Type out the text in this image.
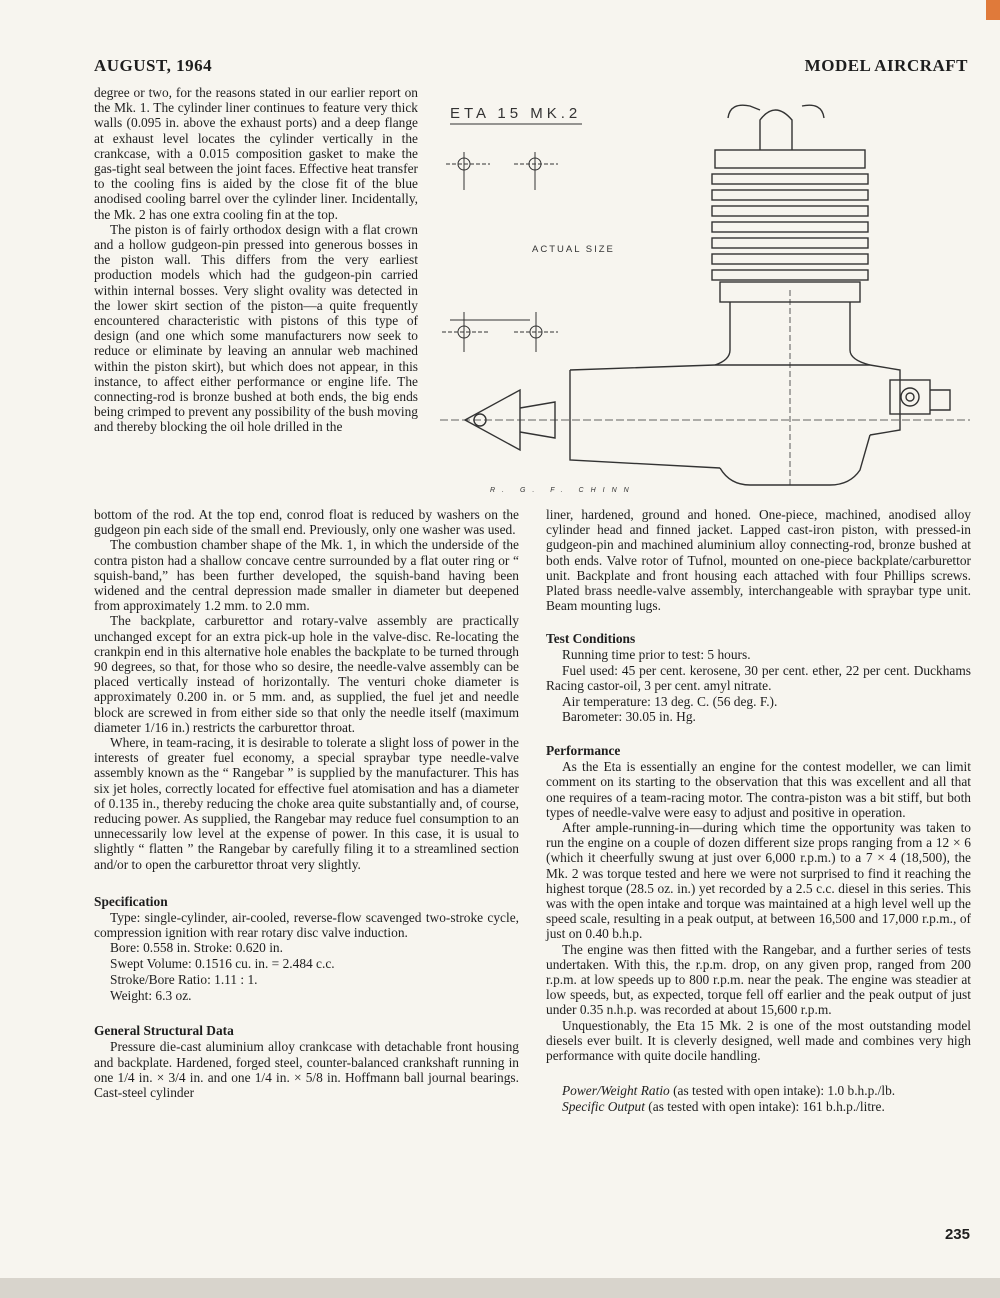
AUGUST, 1964	MODEL AIRCRAFT

degree or two, for the reasons stated in our earlier report on the Mk. 1. The cylinder liner continues to feature very thick walls (0.095 in. above the exhaust ports) and a deep flange at exhaust level locates the cylinder vertically in the crankcase, with a 0.015 composition gasket to make the gas-tight seal between the joint faces. Effective heat transfer to the cooling fins is aided by the close fit of the blue anodised cooling barrel over the cylinder liner. Incidentally, the Mk. 2 has one extra cooling fin at the top.

The piston is of fairly orthodox design with a flat crown and a hollow gudgeon-pin pressed into generous bosses in the piston wall. This differs from the very earliest production models which had the gudgeon-pin carried within internal bosses. Very slight ovality was detected in the lower skirt section of the piston—a quite frequently encountered characteristic with pistons of this type of design (and one which some manufacturers now seek to reduce or eliminate by leaving an annular web machined within the piston skirt), but which does not appear, in this instance, to affect either performance or engine life. The connecting-rod is bronze bushed at both ends, the big ends being crimped to prevent any possibility of the bush moving and thereby blocking the oil hole drilled in the

ETA 15 MK.2
ACTUAL SIZE
R. G. F. CHINN

bottom of the rod. At the top end, conrod float is reduced by washers on the gudgeon pin each side of the small end. Previously, only one washer was used.

The combustion chamber shape of the Mk. 1, in which the underside of the contra piston had a shallow concave centre surrounded by a flat outer ring or “ squish-band,” has been further developed, the squish-band having been widened and the central depression made smaller in diameter but deepened from approximately 1.2 mm. to 2.0 mm.

The backplate, carburettor and rotary-valve assembly are practically unchanged except for an extra pick-up hole in the valve-disc. Re-locating the crankpin end in this alternative hole enables the backplate to be turned through 90 degrees, so that, for those who so desire, the needle-valve assembly can be placed vertically instead of horizontally. The venturi choke diameter is approximately 0.200 in. or 5 mm. and, as supplied, the fuel jet and needle block are screwed in from either side so that only the needle itself (maximum diameter 1/16 in.) restricts the carburettor throat.

Where, in team-racing, it is desirable to tolerate a slight loss of power in the interests of greater fuel economy, a special spraybar type needle-valve assembly known as the “ Rangebar ” is supplied by the manufacturer. This has six jet holes, correctly located for effective fuel atomisation and has a diameter of 0.135 in., thereby reducing the choke area quite substantially and, of course, reducing power. As supplied, the Rangebar may reduce fuel consumption to an unnecessarily low level at the expense of power. In this case, it is usual to slightly “ flatten ” the Rangebar by carefully filing it to a streamlined section and/or to open the carburettor throat very slightly.

Specification

Type: single-cylinder, air-cooled, reverse-flow scavenged two-stroke cycle, compression ignition with rear rotary disc valve induction.

Bore: 0.558 in. Stroke: 0.620 in.

Swept Volume: 0.1516 cu. in. = 2.484 c.c.

Stroke/Bore Ratio: 1.11 : 1.

Weight: 6.3 oz.

General Structural Data

Pressure die-cast aluminium alloy crankcase with detachable front housing and backplate. Hardened, forged steel, counter-balanced crankshaft running in one 1/4 in. × 3/4 in. and one 1/4 in. × 5/8 in. Hoffmann ball journal bearings. Cast-steel cylinder

liner, hardened, ground and honed. One-piece, machined, anodised alloy cylinder head and finned jacket. Lapped cast-iron piston, with pressed-in gudgeon-pin and machined aluminium alloy connecting-rod, bronze bushed at both ends. Valve rotor of Tufnol, mounted on one-piece backplate/carburettor unit. Backplate and front housing each attached with four Phillips screws. Plated brass needle-valve assembly, interchangeable with spraybar type unit. Beam mounting lugs.

Test Conditions

Running time prior to test: 5 hours.

Fuel used: 45 per cent. kerosene, 30 per cent. ether, 22 per cent. Duckhams Racing castor-oil, 3 per cent. amyl nitrate.

Air temperature: 13 deg. C. (56 deg. F.).

Barometer: 30.05 in. Hg.

Performance

As the Eta is essentially an engine for the contest modeller, we can limit comment on its starting to the observation that this was excellent and all that one requires of a team-racing motor. The contra-piston was a bit stiff, but both types of needle-valve were easy to adjust and positive in operation.

After ample-running-in—during which time the opportunity was taken to run the engine on a couple of dozen different size props ranging from a 12 × 6 (which it cheerfully swung at just over 6,000 r.p.m.) to a 7 × 4 (18,500), the Mk. 2 was torque tested and here we were not surprised to find it reaching the highest torque (28.5 oz. in.) yet recorded by a 2.5 c.c. diesel in this series. This was with the open intake and torque was maintained at a high level well up the speed scale, resulting in a peak output, at between 16,500 and 17,000 r.p.m., of just on 0.40 b.h.p.

The engine was then fitted with the Rangebar, and a further series of tests undertaken. With this, the r.p.m. drop, on any given prop, ranged from 200 r.p.m. at low speeds up to 800 r.p.m. near the peak. The engine was steadier at low speeds, but, as expected, torque fell off earlier and the peak output of just under 0.35 n.h.p. was recorded at about 15,600 r.p.m.

Unquestionably, the Eta 15 Mk. 2 is one of the most outstanding model diesels ever built. It is cleverly designed, well made and combines very high performance with quite docile handling.

Power/Weight Ratio (as tested with open intake): 1.0 b.h.p./lb.

Specific Output (as tested with open intake): 161 b.h.p./litre.

235
